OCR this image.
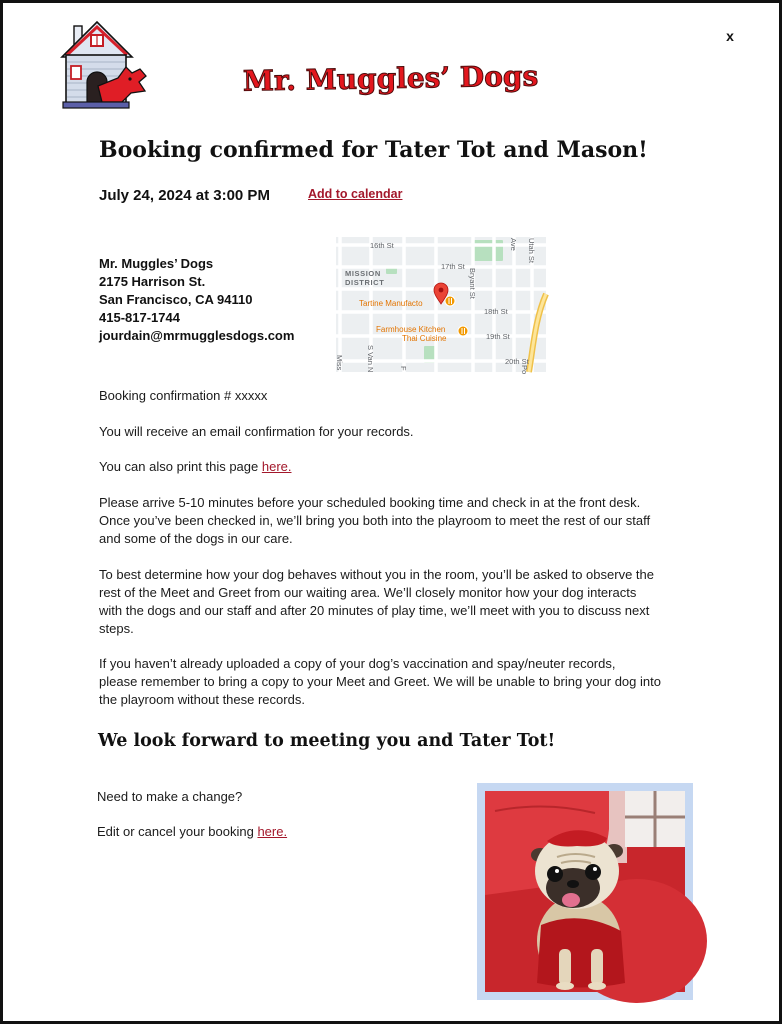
x
Mr. Muggles’ Dogs
Booking confirmed for Tater Tot and Mason!
July 24, 2024 at 3:00 PM	Add to calendar
Mr. Muggles’ Dogs
2175 Harrison St.
San Francisco, CA 94110
415-817-1744
jourdain@mrmugglesdogs.com
16th St
17th St
18th St
19th St
20th St
Bryant St
S Van N
Miss
Ave Utah St
Po
F
MISSION
DISTRICT
Tartine Manufacto
Farmhouse Kitchen
Thai Cuisine
Booking confirmation # xxxxx
You will receive an email confirmation for your records.
You can also print this page here.
Please arrive 5-10 minutes before your scheduled booking time and check in at the front desk.
Once you’ve been checked in, we’ll bring you both into the playroom to meet the rest of our staff
and some of the dogs in our care.
To best determine how your dog behaves without you in the room, you’ll be asked to observe the
rest of the Meet and Greet from our waiting area. We’ll closely monitor how your dog interacts
with the dogs and our staff and after 20 minutes of play time, we’ll meet with you to discuss next
steps.
If you haven’t already uploaded a copy of your dog’s vaccination and spay/neuter records,
please remember to bring a copy to your Meet and Greet. We will be unable to bring your dog into
the playroom without these records.
We look forward to meeting you and Tater Tot!
Need to make a change?
Edit or cancel your booking here.
